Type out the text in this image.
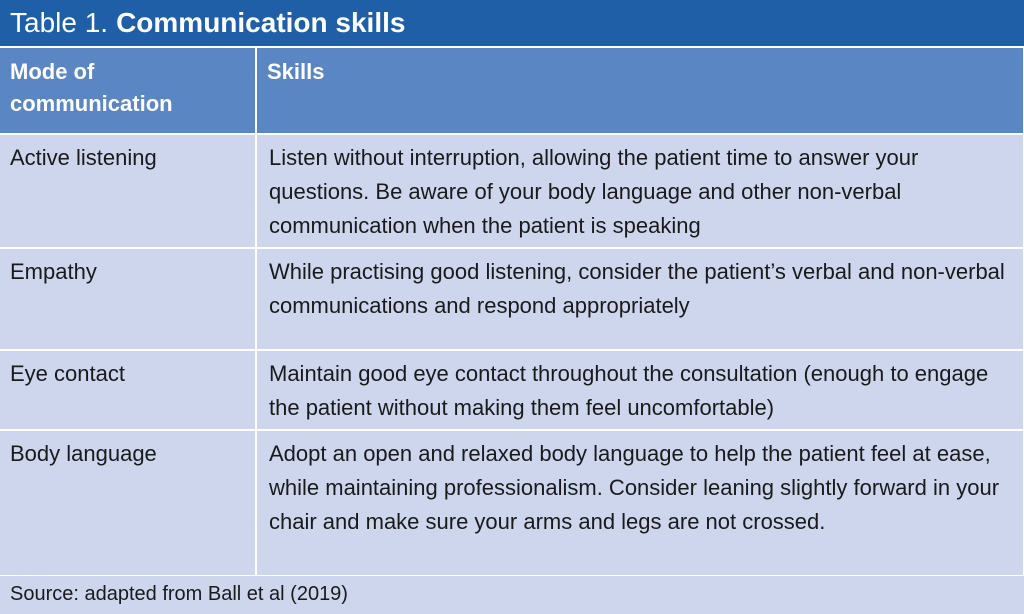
Table 1. Communication skills
Mode of communication	Skills
Active listening	Listen without interruption, allowing the patient time to answer your questions. Be aware of your body language and other non-verbal communication when the patient is speaking
Empathy	While practising good listening, consider the patient’s verbal and non-verbal communications and respond appropriately
Eye contact	Maintain good eye contact throughout the consultation (enough to engage the patient without making them feel uncomfortable)
Body language	Adopt an open and relaxed body language to help the patient feel at ease, while maintaining professionalism. Consider leaning slightly forward in your chair and make sure your arms and legs are not crossed.
Source: adapted from Ball et al (2019)
